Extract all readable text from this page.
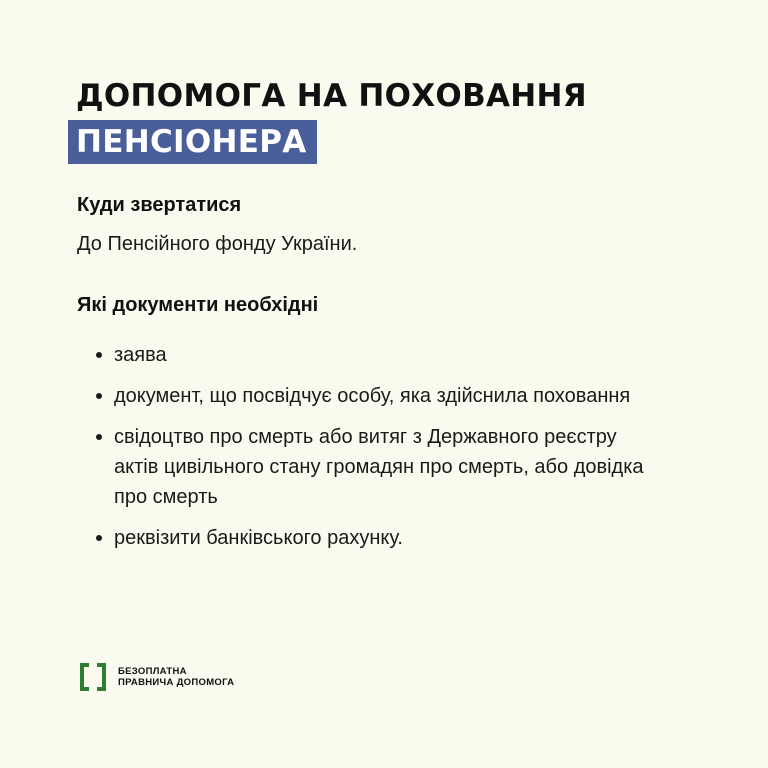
ДОПОМОГА НА ПОХОВАННЯ
ПЕНСІОНЕРА
Куди звертатися
До Пенсійного фонду України.
Які документи необхідні
заява
документ, що посвідчує особу, яка здійснила поховання
свідоцтво про смерть або витяг з Державного реєстру актів цивільного стану громадян про смерть, або довідка про смерть
реквізити банківського рахунку.
БЕЗОПЛАТНА
ПРАВНИЧА ДОПОМОГА
